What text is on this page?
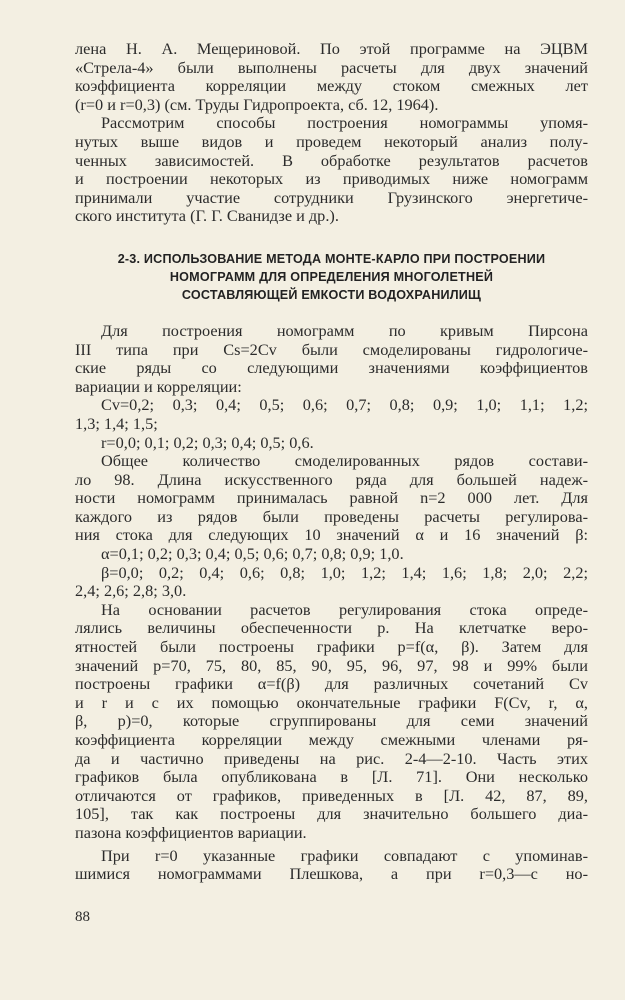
лена Н. А. Мещериновой. По этой программе на ЭЦВМ
«Стрела-4» были выполнены расчеты для двух значений
коэффициента корреляции между стоком смежных лет
(r=0 и r=0,3) (см. Труды Гидропроекта, сб. 12, 1964).
Рассмотрим способы построения номограммы упомя-
нутых выше видов и проведем некоторый анализ полу-
ченных зависимостей. В обработке результатов расчетов
и построении некоторых из приводимых ниже номограмм
принимали участие сотрудники Грузинского энергетиче-
ского института (Г. Г. Сванидзе и др.).
2-3. ИСПОЛЬЗОВАНИЕ МЕТОДА МОНТЕ-КАРЛО ПРИ ПОСТРОЕНИИ
НОМОГРАММ ДЛЯ ОПРЕДЕЛЕНИЯ МНОГОЛЕТНЕЙ
СОСТАВЛЯЮЩЕЙ ЕМКОСТИ ВОДОХРАНИЛИЩ
Для построения номограмм по кривым Пирсона
III типа при Cs=2Cv были смоделированы гидрологиче-
ские ряды со следующими значениями коэффициентов
вариации и корреляции:
Cv=0,2; 0,3; 0,4; 0,5; 0,6; 0,7; 0,8; 0,9; 1,0; 1,1; 1,2;
1,3; 1,4; 1,5;
r=0,0; 0,1; 0,2; 0,3; 0,4; 0,5; 0,6.
Общее количество смоделированных рядов состави-
ло 98. Длина искусственного ряда для большей надеж-
ности номограмм принималась равной n=2 000 лет. Для
каждого из рядов были проведены расчеты регулирова-
ния стока для следующих 10 значений α и 16 значений β:
α=0,1; 0,2; 0,3; 0,4; 0,5; 0,6; 0,7; 0,8; 0,9; 1,0.
β=0,0; 0,2; 0,4; 0,6; 0,8; 1,0; 1,2; 1,4; 1,6; 1,8; 2,0; 2,2;
2,4; 2,6; 2,8; 3,0.
На основании расчетов регулирования стока опреде-
лялись величины обеспеченности p. На клетчатке веро-
ятностей были построены графики p=f(α, β). Затем для
значений p=70, 75, 80, 85, 90, 95, 96, 97, 98 и 99% были
построены графики α=f(β) для различных сочетаний Cv
и r и с их помощью окончательные графики F(Cv, r, α,
β, p)=0, которые сгруппированы для семи значений
коэффициента корреляции между смежными членами ря-
да и частично приведены на рис. 2-4—2-10. Часть этих
графиков была опубликована в [Л. 71]. Они несколько
отличаются от графиков, приведенных в [Л. 42, 87, 89,
105], так как построены для значительно большего диа-
пазона коэффициентов вариации.
При r=0 указанные графики совпадают с упоминав-
шимися номограммами Плешкова, а при r=0,3—с но-
88
